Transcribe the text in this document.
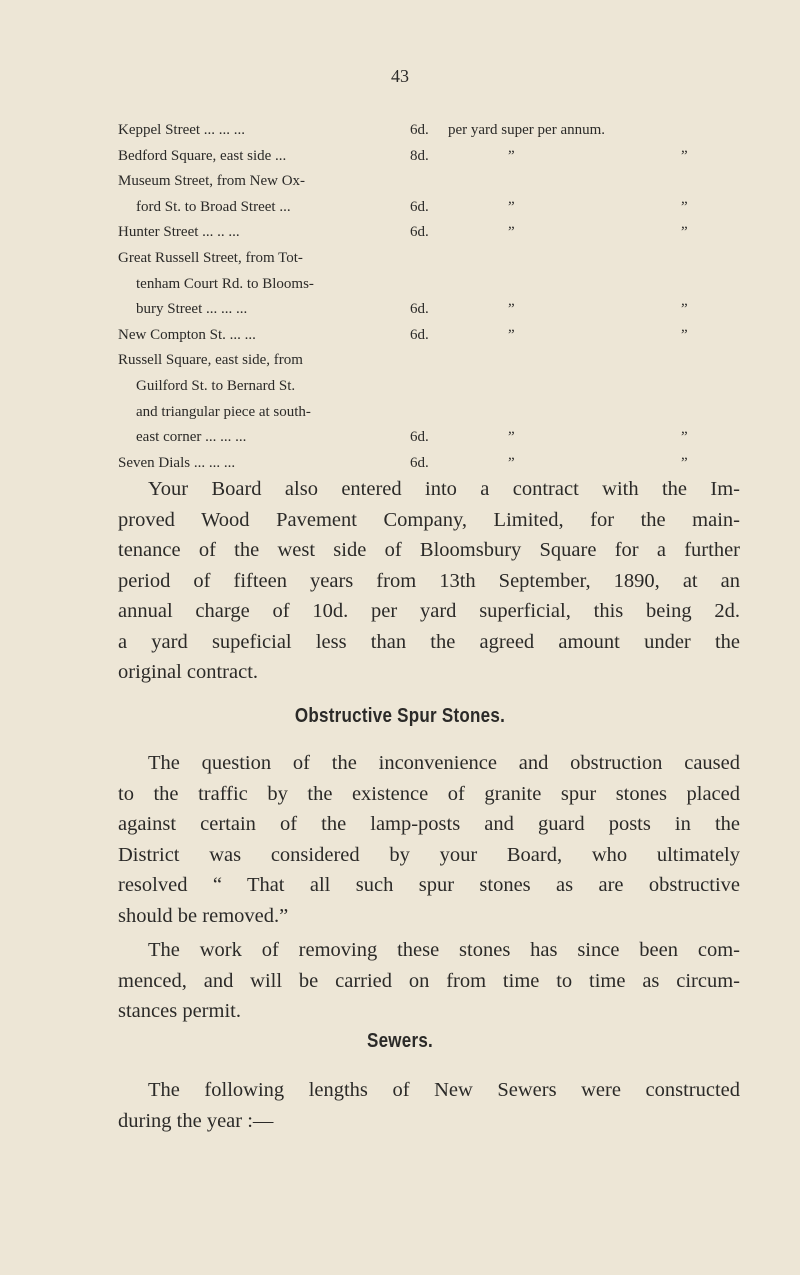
43
Keppel Street ... ... ...	6d.	per yard super per annum.
Bedford Square, east side ...	8d.	”	”
Museum Street, from New Ox-
ford St. to Broad Street ...	6d.	”	”
Hunter Street ... .. ...	6d.	”	”
Great Russell Street, from Tot-
tenham Court Rd. to Blooms-
bury Street ... ... ...	6d.	”	”
New Compton St. ... ...	6d.	”	”
Russell Square, east side, from
Guilford St. to Bernard St.
and triangular piece at south-
east corner ... ... ...	6d.	”	”
Seven Dials ... ... ...	6d.	”	”
Your Board also entered into a contract with the Im-
proved Wood Pavement Company, Limited, for the main-
tenance of the west side of Bloomsbury Square for a further
period of fifteen years from 13th September, 1890, at an
annual charge of 10d. per yard superficial, this being 2d.
a yard supeficial less than the agreed amount under the
original contract.
Obstructive Spur Stones.
The question of the inconvenience and obstruction caused
to the traffic by the existence of granite spur stones placed
against certain of the lamp-posts and guard posts in the
District was considered by your Board, who ultimately
resolved “ That all such spur stones as are obstructive
should be removed.”
The work of removing these stones has since been com-
menced, and will be carried on from time to time as circum-
stances permit.
Sewers.
The following lengths of New Sewers were constructed
during the year :—
